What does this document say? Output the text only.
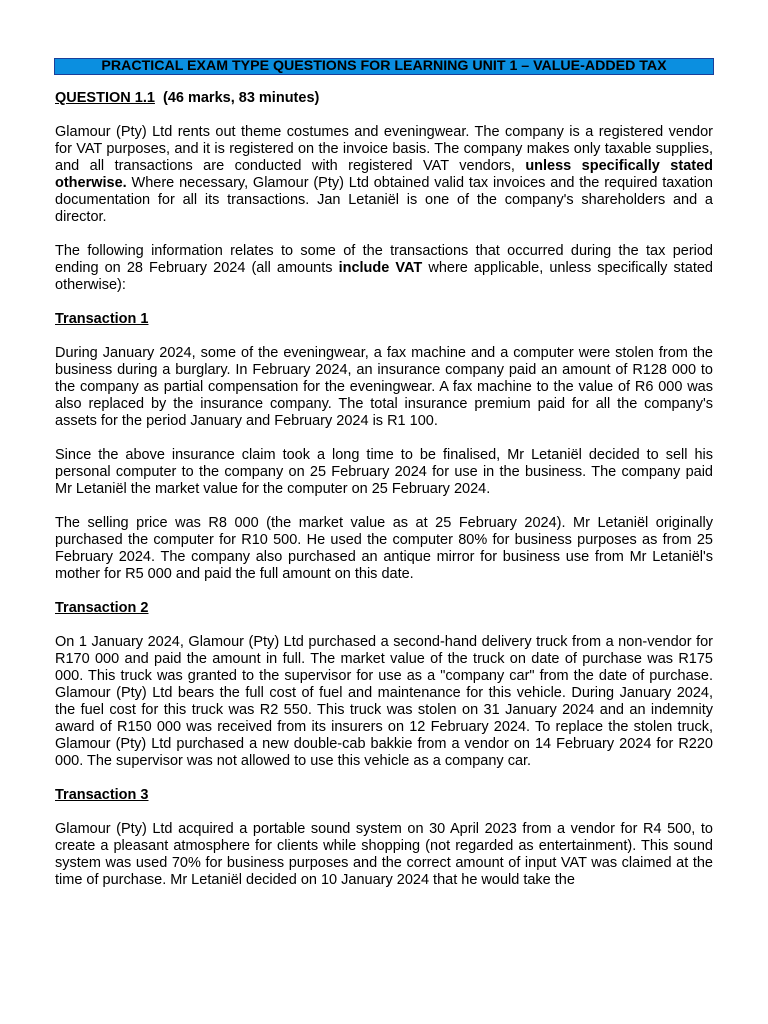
PRACTICAL EXAM TYPE QUESTIONS FOR LEARNING UNIT 1 – VALUE-ADDED TAX

QUESTION 1.1 (46 marks, 83 minutes)

Glamour (Pty) Ltd rents out theme costumes and eveningwear. The company is a registered vendor for VAT purposes, and it is registered on the invoice basis. The company makes only taxable supplies, and all transactions are conducted with registered VAT vendors, unless specifically stated otherwise. Where necessary, Glamour (Pty) Ltd obtained valid tax invoices and the required taxation documentation for all its transactions. Jan Letaniël is one of the company's shareholders and a director.

The following information relates to some of the transactions that occurred during the tax period ending on 28 February 2024 (all amounts include VAT where applicable, unless specifically stated otherwise):

Transaction 1

During January 2024, some of the eveningwear, a fax machine and a computer were stolen from the business during a burglary. In February 2024, an insurance company paid an amount of R128 000 to the company as partial compensation for the eveningwear. A fax machine to the value of R6 000 was also replaced by the insurance company. The total insurance premium paid for all the company's assets for the period January and February 2024 is R1 100.

Since the above insurance claim took a long time to be finalised, Mr Letaniël decided to sell his personal computer to the company on 25 February 2024 for use in the business. The company paid Mr Letaniël the market value for the computer on 25 February 2024.

The selling price was R8 000 (the market value as at 25 February 2024). Mr Letaniël originally purchased the computer for R10 500. He used the computer 80% for business purposes as from 25 February 2024. The company also purchased an antique mirror for business use from Mr Letaniël's mother for R5 000 and paid the full amount on this date.

Transaction 2

On 1 January 2024, Glamour (Pty) Ltd purchased a second-hand delivery truck from a non-vendor for R170 000 and paid the amount in full. The market value of the truck on date of purchase was R175 000. This truck was granted to the supervisor for use as a "company car" from the date of purchase. Glamour (Pty) Ltd bears the full cost of fuel and maintenance for this vehicle. During January 2024, the fuel cost for this truck was R2 550. This truck was stolen on 31 January 2024 and an indemnity award of R150 000 was received from its insurers on 12 February 2024. To replace the stolen truck, Glamour (Pty) Ltd purchased a new double-cab bakkie from a vendor on 14 February 2024 for R220 000. The supervisor was not allowed to use this vehicle as a company car.

Transaction 3

Glamour (Pty) Ltd acquired a portable sound system on 30 April 2023 from a vendor for R4 500, to create a pleasant atmosphere for clients while shopping (not regarded as entertainment). This sound system was used 70% for business purposes and the correct amount of input VAT was claimed at the time of purchase. Mr Letaniël decided on 10 January 2024 that he would take the
